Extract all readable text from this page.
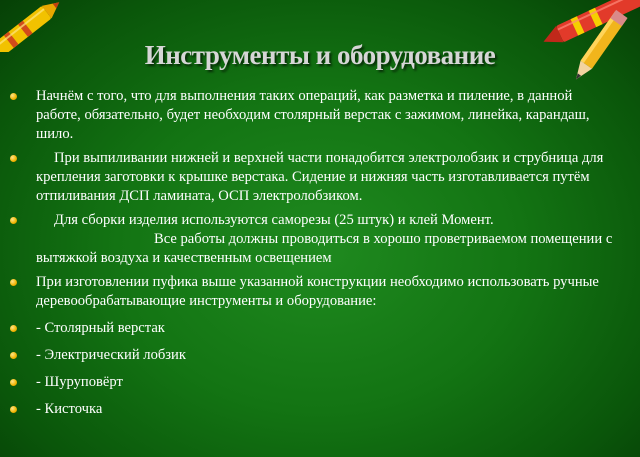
Инструменты и оборудование
Начнём с того, что для выполнения таких операций, как разметка и пиление, в данной работе, обязательно, будет необходим столярный верстак с зажимом, линейка, карандаш, шило.
При выпиливании нижней и верхней части понадобится электролобзик и струбница для крепления заготовки к крышке верстака. Сидение и нижняя часть изготавливается путём отпиливания ДСП ламината, ОСП электролобзиком.
Для сборки изделия используются саморезы (25 штук) и клей Момент.
Все работы должны проводиться в хорошо проветриваемом помещении с вытяжкой воздуха и качественным освещением
При изготовлении пуфика выше указанной конструкции необходимо использовать ручные деревообрабатывающие инструменты и оборудование:
- Столярный верстак
- Электрический лобзик
- Шуруповёрт
- Кисточка
